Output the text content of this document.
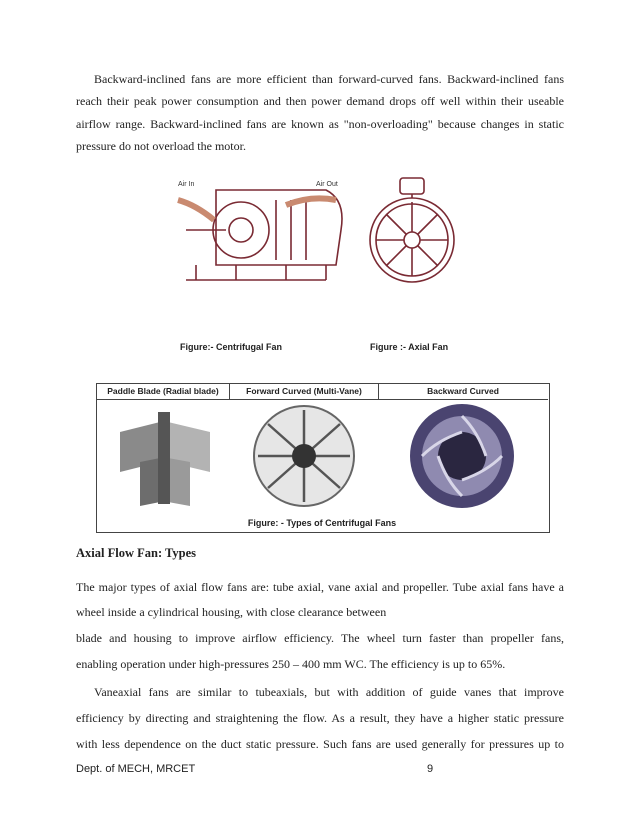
Backward-inclined fans are more efficient than forward-curved fans. Backward-inclined fans reach their peak power consumption and then power demand drops off well within their useable airflow range. Backward-inclined fans are known as "non-overloading" because changes in static pressure do not overload the motor.

Air In	Air Out
Figure:- Centrifugal Fan	Figure :- Axial Fan
Paddle Blade (Radial blade)	Forward Curved (Multi-Vane)	Backward Curved
Figure: - Types of Centrifugal Fans

Axial Flow Fan: Types

The major types of axial flow fans are: tube axial, vane axial and propeller. Tube axial fans have a

wheel inside a cylindrical housing, with close clearance between

blade and housing to improve airflow efficiency. The wheel turn faster than propeller fans,

enabling operation under high-pressures 250 – 400 mm WC. The efficiency is up to 65%.

Vaneaxial fans are similar to tubeaxials, but with addition of guide vanes that improve

efficiency by directing and straightening the flow. As a result, they have a higher static pressure

with less dependence on the duct static pressure. Such fans are used generally for pressures up to

Dept. of MECH, MRCET	9
